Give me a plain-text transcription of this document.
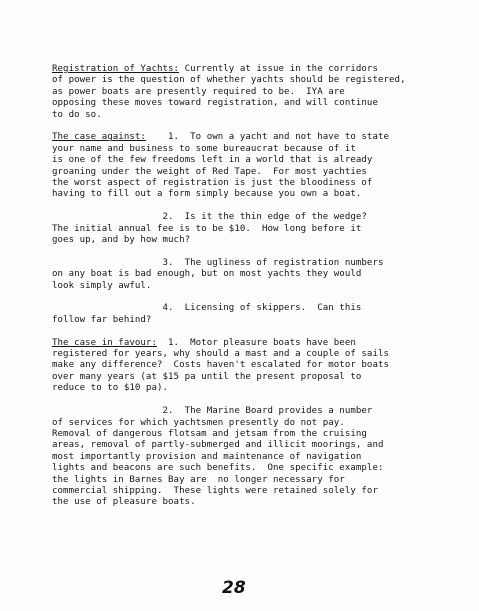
Registration of Yachts: Currently at issue in the corridors
of power is the question of whether yachts should be registered,
as power boats are presently required to be.  IYA are
opposing these moves toward registration, and will continue
to do so.
The case against:    1.  To own a yacht and not have to state
your name and business to some bureaucrat because of it
is one of the few freedoms left in a world that is already
groaning under the weight of Red Tape.  For most yachties
the worst aspect of registration is just the bloodiness of
having to fill out a form simply because you own a boat.
2.  Is it the thin edge of the wedge?
The initial annual fee is to be $10.  How long before it
goes up, and by how much?
3.  The ugliness of registration numbers
on any boat is bad enough, but on most yachts they would
look simply awful.
4.  Licensing of skippers.  Can this
follow far behind?
The case in favour:  1.  Motor pleasure boats have been
registered for years, why should a mast and a couple of sails
make any difference?  Costs haven't escalated for motor boats
over many years (at $15 pa until the present proposal to
reduce to to $10 pa).
2.  The Marine Board provides a number
of services for which yachtsmen presently do not pay.
Removal of dangerous flotsam and jetsam from the cruising
areas, removal of partly-submerged and illicit moorings, and
most importantly provision and maintenance of navigation
lights and beacons are such benefits.  One specific example:
the lights in Barnes Bay are  no longer necessary for
commercial shipping.  These lights were retained solely for
the use of pleasure boats.
28
